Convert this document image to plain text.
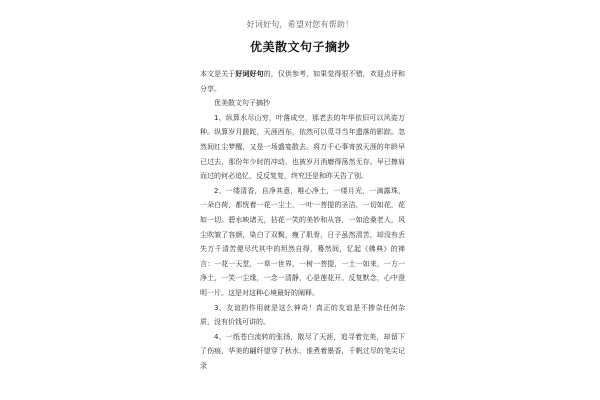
好词好句，希望对您有帮助！
优美散文句子摘抄

本文是关于好词好句的，仅供参考，如果觉得很不错，欢迎点评和分享。

优美散文句子摘抄

1、纵算水尽山穷，叶落成空，那老去的年华依旧可以风姿万种。纵算岁月蹉跎，天涯西东，依然可以觅寻当年遗落的影踪。忽然间红尘梦醒，又是一场盛宴散去。将万千心事寄放天涯的年龄早已过去，那份年少时的冲动，也被岁月消磨得荡然无存。早已擦肩而过的何必追忆，反反复复，终究还是和昨天告了别。

2、一缕清香，自净其意，唯心净土，一缕月光，一滴露珠，一朵白荷，都恍着一花一尘土，一叶一菩提的圣洁，一切如花，花如一切。碧水映诸天，拈花一笑的美妙和从容，一如沧桑老人，风尘吹皱了容颜，染白了双鬓，瘦了肌骨，日子虽然清苦，却没有丢失万千清苦便尽代其中的坦然自得，蓦然间，忆起《佛典》的禅言：一花一天堂，一草一世界，一树一菩提，一土一如来，一方一净土，一笑一尘缘，一念一清静，心是莲花开。反复默念，心中澄明一片。这是对这种心境最好的阐释。

3、友谊的作用就是这么神奇！真正的友谊是不掺杂任何杂质，没有价钱可讲的。

4、一纸苍白流转的张扬，散尽了天涯，追寻着完美，却留下了伤痕，华美的翩纤望穿了秋水，谁煮着墨香，千帆过尽的笔尖记录
